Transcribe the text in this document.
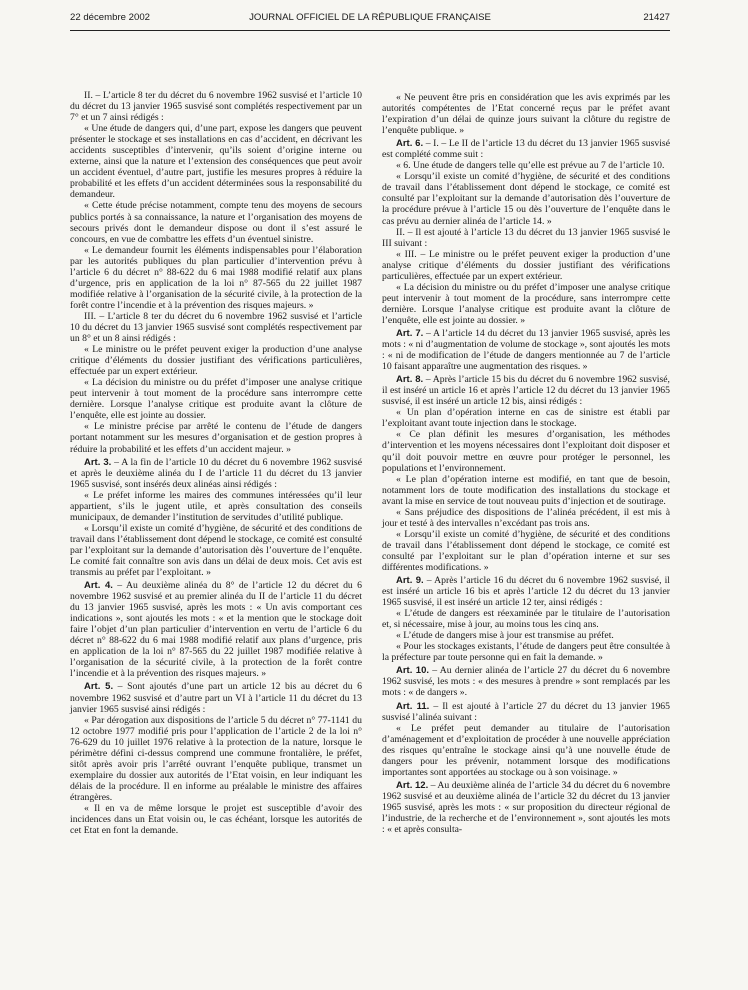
22 décembre 2002	JOURNAL OFFICIEL DE LA RÉPUBLIQUE FRANÇAISE	21427

II. – L’article 8 ter du décret du 6 novembre 1962 susvisé et l’article 10 du décret du 13 janvier 1965 susvisé sont complétés respectivement par un 7° et un 7 ainsi rédigés :

« Une étude de dangers qui, d’une part, expose les dangers que peuvent présenter le stockage et ses installations en cas d’accident, en décrivant les accidents susceptibles d’intervenir, qu’ils soient d’origine interne ou externe, ainsi que la nature et l’extension des conséquences que peut avoir un accident éventuel, d’autre part, justifie les mesures propres à réduire la probabilité et les effets d’un accident déterminées sous la responsabilité du demandeur.

« Cette étude précise notamment, compte tenu des moyens de secours publics portés à sa connaissance, la nature et l’organisation des moyens de secours privés dont le demandeur dispose ou dont il s’est assuré le concours, en vue de combattre les effets d’un éventuel sinistre.

« Le demandeur fournit les éléments indispensables pour l’élaboration par les autorités publiques du plan particulier d’intervention prévu à l’article 6 du décret n° 88-622 du 6 mai 1988 modifié relatif aux plans d’urgence, pris en application de la loi n° 87-565 du 22 juillet 1987 modifiée relative à l’organisation de la sécurité civile, à la protection de la forêt contre l’incendie et à la prévention des risques majeurs. »

III. – L’article 8 ter du décret du 6 novembre 1962 susvisé et l’article 10 du décret du 13 janvier 1965 susvisé sont complétés respectivement par un 8° et un 8 ainsi rédigés :

« Le ministre ou le préfet peuvent exiger la production d’une analyse critique d’éléments du dossier justifiant des vérifications particulières, effectuée par un expert extérieur.

« La décision du ministre ou du préfet d’imposer une analyse critique peut intervenir à tout moment de la procédure sans interrompre cette dernière. Lorsque l’analyse critique est produite avant la clôture de l’enquête, elle est jointe au dossier.

« Le ministre précise par arrêté le contenu de l’étude de dangers portant notamment sur les mesures d’organisation et de gestion propres à réduire la probabilité et les effets d’un accident majeur. »

Art. 3. – A la fin de l’article 10 du décret du 6 novembre 1962 susvisé et après le deuxième alinéa du I de l’article 11 du décret du 13 janvier 1965 susvisé, sont insérés deux alinéas ainsi rédigés :

« Le préfet informe les maires des communes intéressées qu’il leur appartient, s’ils le jugent utile, et après consultation des conseils municipaux, de demander l’institution de servitudes d’utilité publique.

« Lorsqu’il existe un comité d’hygiène, de sécurité et des conditions de travail dans l’établissement dont dépend le stockage, ce comité est consulté par l’exploitant sur la demande d’autorisation dès l’ouverture de l’enquête. Le comité fait connaître son avis dans un délai de deux mois. Cet avis est transmis au préfet par l’exploitant. »

Art. 4. – Au deuxième alinéa du 8° de l’article 12 du décret du 6 novembre 1962 susvisé et au premier alinéa du II de l’article 11 du décret du 13 janvier 1965 susvisé, après les mots : « Un avis comportant ces indications », sont ajoutés les mots : « et la mention que le stockage doit faire l’objet d’un plan particulier d’intervention en vertu de l’article 6 du décret n° 88-622 du 6 mai 1988 modifié relatif aux plans d’urgence, pris en application de la loi n° 87-565 du 22 juillet 1987 modifiée relative à l’organisation de la sécurité civile, à la protection de la forêt contre l’incendie et à la prévention des risques majeurs. »

Art. 5. – Sont ajoutés d’une part un article 12 bis au décret du 6 novembre 1962 susvisé et d’autre part un VI à l’article 11 du décret du 13 janvier 1965 susvisé ainsi rédigés :

« Par dérogation aux dispositions de l’article 5 du décret n° 77-1141 du 12 octobre 1977 modifié pris pour l’application de l’article 2 de la loi n° 76-629 du 10 juillet 1976 relative à la protection de la nature, lorsque le périmètre défini ci-dessus comprend une commune frontalière, le préfet, sitôt après avoir pris l’arrêté ouvrant l’enquête publique, transmet un exemplaire du dossier aux autorités de l’Etat voisin, en leur indiquant les délais de la procédure. Il en informe au préalable le ministre des affaires étrangères.

« Il en va de même lorsque le projet est susceptible d’avoir des incidences dans un Etat voisin ou, le cas échéant, lorsque les autorités de cet Etat en font la demande.

« Ne peuvent être pris en considération que les avis exprimés par les autorités compétentes de l’Etat concerné reçus par le préfet avant l’expiration d’un délai de quinze jours suivant la clôture du registre de l’enquête publique. »

Art. 6. – I. – Le II de l’article 13 du décret du 13 janvier 1965 susvisé est complété comme suit :

« 6. Une étude de dangers telle qu’elle est prévue au 7 de l’article 10.

« Lorsqu’il existe un comité d’hygiène, de sécurité et des conditions de travail dans l’établissement dont dépend le stockage, ce comité est consulté par l’exploitant sur la demande d’autorisation dès l’ouverture de la procédure prévue à l’article 15 ou dès l’ouverture de l’enquête dans le cas prévu au dernier alinéa de l’article 14. »

II. – Il est ajouté à l’article 13 du décret du 13 janvier 1965 susvisé le III suivant :

« III. – Le ministre ou le préfet peuvent exiger la production d’une analyse critique d’éléments du dossier justifiant des vérifications particulières, effectuée par un expert extérieur.

« La décision du ministre ou du préfet d’imposer une analyse critique peut intervenir à tout moment de la procédure, sans interrompre cette dernière. Lorsque l’analyse critique est produite avant la clôture de l’enquête, elle est jointe au dossier. »

Art. 7. – A l’article 14 du décret du 13 janvier 1965 susvisé, après les mots : « ni d’augmentation de volume de stockage », sont ajoutés les mots : « ni de modification de l’étude de dangers mentionnée au 7 de l’article 10 faisant apparaître une augmentation des risques. »

Art. 8. – Après l’article 15 bis du décret du 6 novembre 1962 susvisé, il est inséré un article 16 et après l’article 12 du décret du 13 janvier 1965 susvisé, il est inséré un article 12 bis, ainsi rédigés :

« Un plan d’opération interne en cas de sinistre est établi par l’exploitant avant toute injection dans le stockage.

« Ce plan définit les mesures d’organisation, les méthodes d’intervention et les moyens nécessaires dont l’exploitant doit disposer et qu’il doit pouvoir mettre en œuvre pour protéger le personnel, les populations et l’environnement.

« Le plan d’opération interne est modifié, en tant que de besoin, notamment lors de toute modification des installations du stockage et avant la mise en service de tout nouveau puits d’injection et de soutirage.

« Sans préjudice des dispositions de l’alinéa précédent, il est mis à jour et testé à des intervalles n’excédant pas trois ans.

« Lorsqu’il existe un comité d’hygiène, de sécurité et des conditions de travail dans l’établissement dont dépend le stockage, ce comité est consulté par l’exploitant sur le plan d’opération interne et sur ses différentes modifications. »

Art. 9. – Après l’article 16 du décret du 6 novembre 1962 susvisé, il est inséré un article 16 bis et après l’article 12 du décret du 13 janvier 1965 susvisé, il est inséré un article 12 ter, ainsi rédigés :

« L’étude de dangers est réexaminée par le titulaire de l’autorisation et, si nécessaire, mise à jour, au moins tous les cinq ans.

« L’étude de dangers mise à jour est transmise au préfet.

« Pour les stockages existants, l’étude de dangers peut être consultée à la préfecture par toute personne qui en fait la demande. »

Art. 10. – Au dernier alinéa de l’article 27 du décret du 6 novembre 1962 susvisé, les mots : « des mesures à prendre » sont remplacés par les mots : « de dangers ».

Art. 11. – Il est ajouté à l’article 27 du décret du 13 janvier 1965 susvisé l’alinéa suivant :

« Le préfet peut demander au titulaire de l’autorisation d’aménagement et d’exploitation de procéder à une nouvelle appréciation des risques qu’entraîne le stockage ainsi qu’à une nouvelle étude de dangers pour les prévenir, notamment lorsque des modifications importantes sont apportées au stockage ou à son voisinage. »

Art. 12. – Au deuxième alinéa de l’article 34 du décret du 6 novembre 1962 susvisé et au deuxième alinéa de l’article 32 du décret du 13 janvier 1965 susvisé, après les mots : « sur proposition du directeur régional de l’industrie, de la recherche et de l’environnement », sont ajoutés les mots : « et après consulta-
